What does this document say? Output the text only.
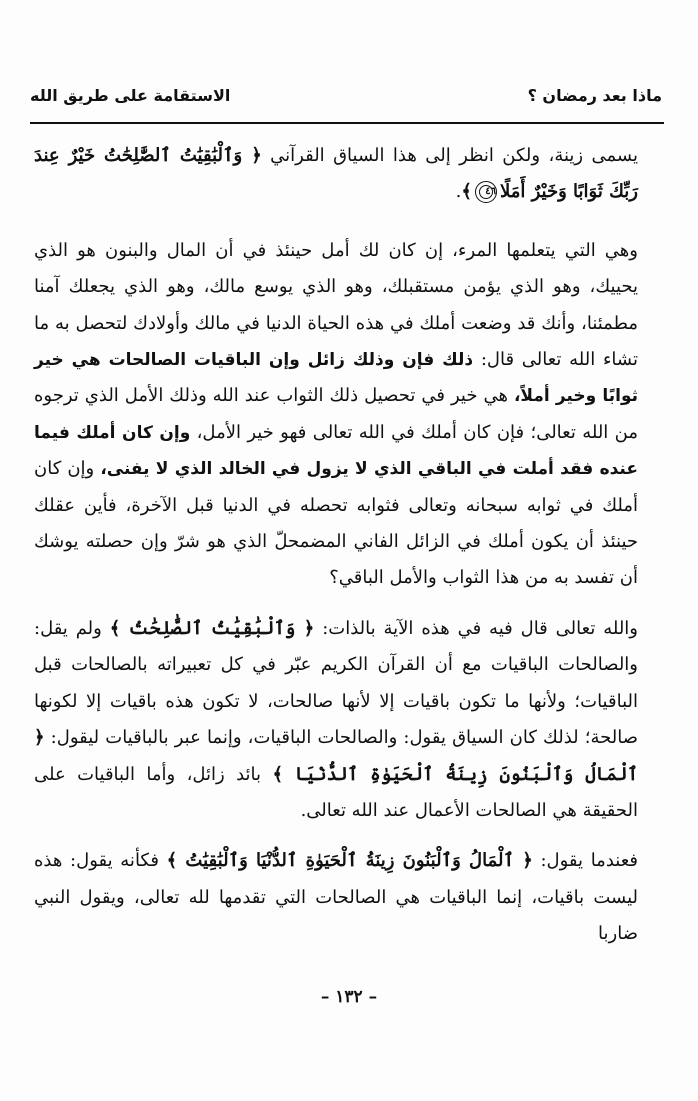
ماذا بعد رمضان ؟
الاستقامة على طريق الله

يسمى زينة، ولكن انظر إلى هذا السياق القرآني ﴿ وَٱلْبَٰقِيَٰتُ ٱلصَّٰلِحَٰتُ خَيْرٌ عِندَ رَبِّكَ ثَوَابًا وَخَيْرٌ أَمَلًا٤٦﴾.

وهي التي يتعلمها المرء، إن كان لك أمل حينئذ في أن المال والبنون هو الذي يحييك، وهو الذي يؤمن مستقبلك، وهو الذي يوسع مالك، وهو الذي يجعلك آمنا مطمئنا، وأنك قد وضعت أملك في هذه الحياة الدنيا في مالك وأولادك لتحصل به ما تشاء الله تعالى قال: ذلك فإن وذلك زائل وإن الباقيات الصالحات هي خير ثوابًا وخير أملاً، هي خير في تحصيل ذلك الثواب عند الله وذلك الأمل الذي ترجوه من الله تعالى؛ فإن كان أملك في الله تعالى فهو خير الأمل، وإن كان أملك فيما عنده فقد أملت في الباقي الذي لا يزول في الخالد الذي لا يفنى، وإن كان أملك في ثوابه سبحانه وتعالى فثوابه تحصله في الدنيا قبل الآخرة، فأين عقلك حينئذ أن يكون أملك في الزائل الفاني المضمحلّ الذي هو شرّ وإن حصلته يوشك أن تفسد به من هذا الثواب والأمل الباقي؟

والله تعالى قال فيه في هذه الآية بالذات: ﴿ وَٱلْبَٰقِيَٰتُ ٱلصَّٰلِحَٰتُ ﴾ ولم يقل: والصالحات الباقيات مع أن القرآن الكريم عبّر في كل تعبيراته بالصالحات قبل الباقيات؛ ولأنها ما تكون باقيات إلا لأنها صالحات، لا تكون هذه باقيات إلا لكونها صالحة؛ لذلك كان السياق يقول: والصالحات الباقيات، وإنما عبر بالباقيات ليقول: ﴿ ٱلْمَالُ وَٱلْبَنُونَ زِينَةُ ٱلْحَيَوٰةِ ٱلدُّنْيَا ﴾ بائد زائل، وأما الباقيات على الحقيقة هي الصالحات الأعمال عند الله تعالى.

فعندما يقول: ﴿ ٱلْمَالُ وَٱلْبَنُونَ زِينَةُ ٱلْحَيَوٰةِ ٱلدُّنْيَا وَٱلْبَٰقِيَٰتُ ﴾ فكأنه يقول: هذه ليست باقيات، إنما الباقيات هي الصالحات التي تقدمها لله تعالى، ويقول النبي ضاربا

– ١٣٢ –
